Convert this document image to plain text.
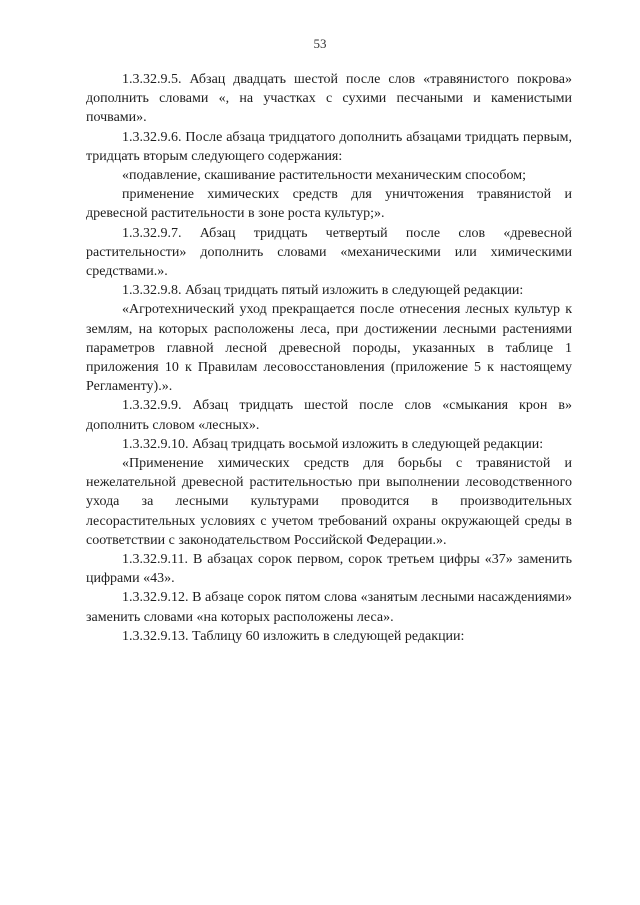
53

1.3.32.9.5. Абзац двадцать шестой после слов «травянистого покрова» дополнить словами «, на участках с сухими песчаными и каменистыми почвами».

1.3.32.9.6. После абзаца тридцатого дополнить абзацами тридцать первым, тридцать вторым следующего содержания:

«подавление, скашивание растительности механическим способом;

применение химических средств для уничтожения травянистой и древесной растительности в зоне роста культур;».

1.3.32.9.7. Абзац тридцать четвертый после слов «древесной растительности» дополнить словами «механическими или химическими средствами.».

1.3.32.9.8. Абзац тридцать пятый изложить в следующей редакции:

«Агротехнический уход прекращается после отнесения лесных культур к землям, на которых расположены леса, при достижении лесными растениями параметров главной лесной древесной породы, указанных в таблице 1 приложения 10 к Правилам лесовосстановления (приложение 5 к настоящему Регламенту).».

1.3.32.9.9. Абзац тридцать шестой после слов «смыкания крон в» дополнить словом «лесных».

1.3.32.9.10. Абзац тридцать восьмой изложить в следующей редакции:

«Применение химических средств для борьбы с травянистой и нежелательной древесной растительностью при выполнении лесоводственного ухода за лесными культурами проводится в производительных лесорастительных условиях с учетом требований охраны окружающей среды в соответствии с законодательством Российской Федерации.».

1.3.32.9.11. В абзацах сорок первом, сорок третьем цифры «37» заменить цифрами «43».

1.3.32.9.12. В абзаце сорок пятом слова «занятым лесными насаждениями» заменить словами «на которых расположены леса».

1.3.32.9.13. Таблицу 60 изложить в следующей редакции:
